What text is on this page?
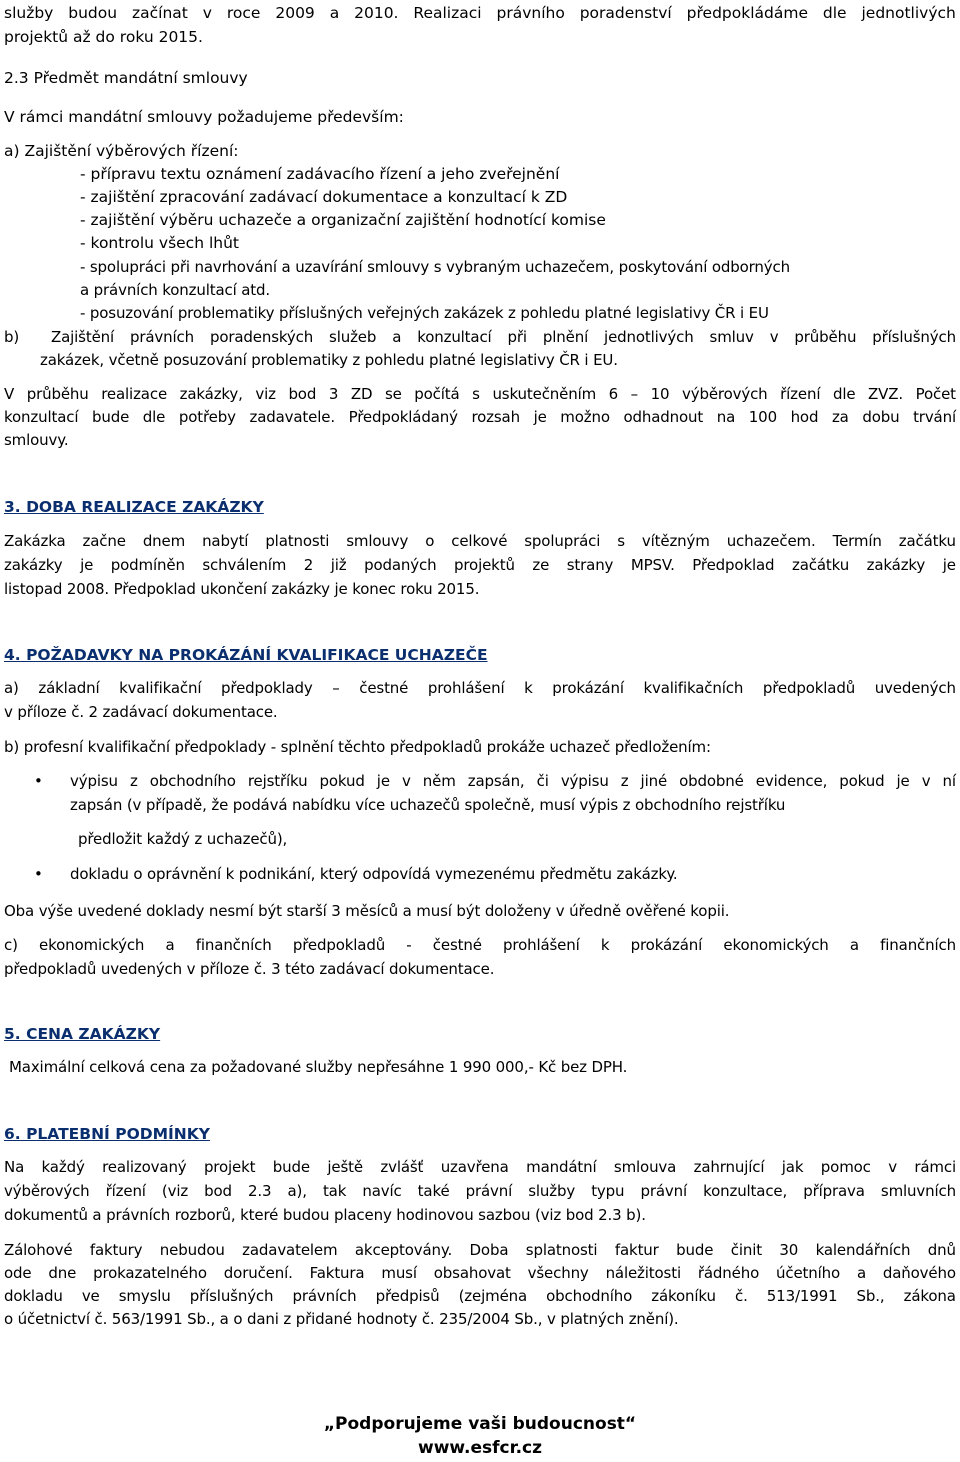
služby budou začínat v roce 2009 a 2010. Realizaci právního poradenství předpokládáme dle jednotlivých
projektů až do roku 2015.
2.3 Předmět mandátní smlouvy
V rámci mandátní smlouvy požadujeme především:
a) Zajištění výběrových řízení:
- přípravu textu oznámení zadávacího řízení a jeho zveřejnění
- zajištění zpracování zadávací dokumentace a konzultací k ZD
- zajištění výběru uchazeče a organizační zajištění hodnotící komise
- kontrolu všech lhůt
- spolupráci při navrhování a uzavírání smlouvy s vybraným uchazečem, poskytování odborných
a právních konzultací atd.
- posuzování problematiky příslušných veřejných zakázek z pohledu platné legislativy ČR i EU
b) Zajištění právních poradenských služeb a konzultací při plnění jednotlivých smluv v průběhu příslušných
zakázek, včetně posuzování problematiky z pohledu platné legislativy ČR i EU.
V průběhu realizace zakázky, viz bod 3 ZD se počítá s uskutečněním 6 – 10 výběrových řízení dle ZVZ. Počet
konzultací bude dle potřeby zadavatele. Předpokládaný rozsah je možno odhadnout na 100 hod za dobu trvání
smlouvy.
3. DOBA REALIZACE ZAKÁZKY
Zakázka začne dnem nabytí platnosti smlouvy o celkové spolupráci s vítězným uchazečem. Termín začátku
zakázky je podmíněn schválením 2 již podaných projektů ze strany MPSV. Předpoklad začátku zakázky je
listopad 2008. Předpoklad ukončení zakázky je konec roku 2015.
4. POŽADAVKY NA PROKÁZÁNÍ KVALIFIKACE UCHAZEČE
a) základní kvalifikační předpoklady – čestné prohlášení k prokázání kvalifikačních předpokladů uvedených
v příloze č. 2 zadávací dokumentace.
b) profesní kvalifikační předpoklady - splnění těchto předpokladů prokáže uchazeč předložením:
• výpisu z obchodního rejstříku pokud je v něm zapsán, či výpisu z jiné obdobné evidence, pokud je v ní
zapsán (v případě, že podává nabídku více uchazečů společně, musí výpis z obchodního rejstříku
předložit každý z uchazečů),
• dokladu o oprávnění k podnikání, který odpovídá vymezenému předmětu zakázky.
Oba výše uvedené doklady nesmí být starší 3 měsíců a musí být doloženy v úředně ověřené kopii.
c) ekonomických a finančních předpokladů - čestné prohlášení k prokázání ekonomických a finančních
předpokladů uvedených v příloze č. 3 této zadávací dokumentace.
5. CENA ZAKÁZKY
Maximální celková cena za požadované služby nepřesáhne 1 990 000,- Kč bez DPH.
6. PLATEBNÍ PODMÍNKY
Na každý realizovaný projekt bude ještě zvlášť uzavřena mandátní smlouva zahrnující jak pomoc v rámci
výběrových řízení (viz bod 2.3 a), tak navíc také právní služby typu právní konzultace, příprava smluvních
dokumentů a právních rozborů, které budou placeny hodinovou sazbou (viz bod 2.3 b).
Zálohové faktury nebudou zadavatelem akceptovány. Doba splatnosti faktur bude činit 30 kalendářních dnů
ode dne prokazatelného doručení. Faktura musí obsahovat všechny náležitosti řádného účetního a daňového
dokladu ve smyslu příslušných právních předpisů (zejména obchodního zákoníku č. 513/1991 Sb., zákona
o účetnictví č. 563/1991 Sb., a o dani z přidané hodnoty č. 235/2004 Sb., v platných znění).
„Podporujeme vaši budoucnost“
www.esfcr.cz
